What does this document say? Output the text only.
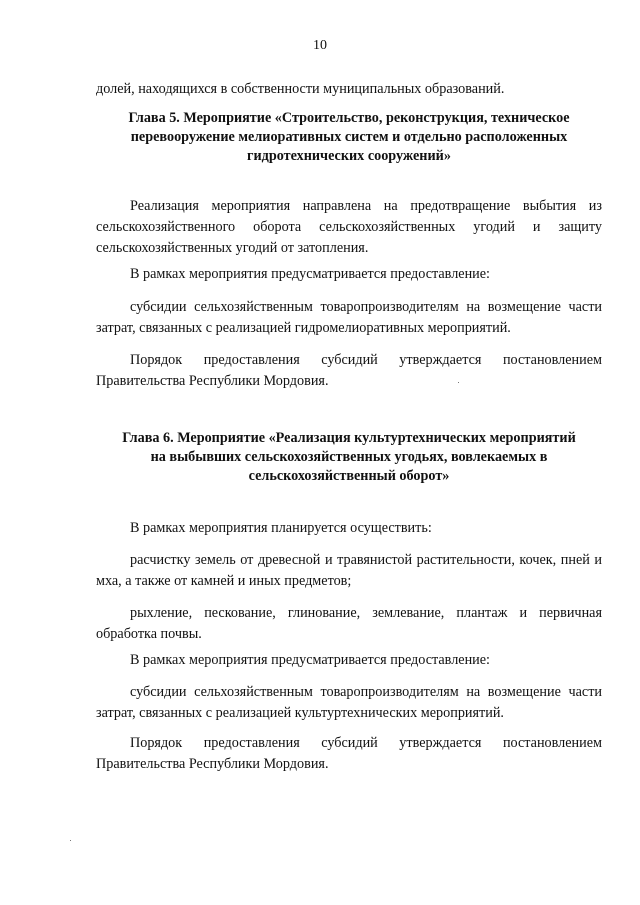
10

долей, находящихся в собственности муниципальных образований.

Глава 5. Мероприятие «Строительство, реконструкция, техническое
перевооружение мелиоративных систем и отдельно расположенных
гидротехнических сооружений»

Реализация мероприятия направлена на предотвращение выбытия из сельскохозяйственного оборота сельскохозяйственных угодий и защиту сельскохозяйственных угодий от затопления.

В рамках мероприятия предусматривается предоставление:

субсидии сельхозяйственным товаропроизводителям на возмещение части затрат, связанных с реализацией гидромелиоративных мероприятий.

Порядок предоставления субсидий утверждается постановлением Правительства Республики Мордовия.

Глава 6. Мероприятие «Реализация культуртехнических мероприятий
на выбывших сельскохозяйственных угодьях, вовлекаемых в
сельскохозяйственный оборот»

В рамках мероприятия планируется осуществить:

расчистку земель от древесной и травянистой растительности, кочек, пней и мха, а также от камней и иных предметов;

рыхление, пескование, глинование, землевание, плантаж и первичная обработка почвы.

В рамках мероприятия предусматривается предоставление:

субсидии сельхозяйственным товаропроизводителям на возмещение части затрат, связанных с реализацией культуртехнических мероприятий.

Порядок предоставления субсидий утверждается постановлением Правительства Республики Мордовия.
